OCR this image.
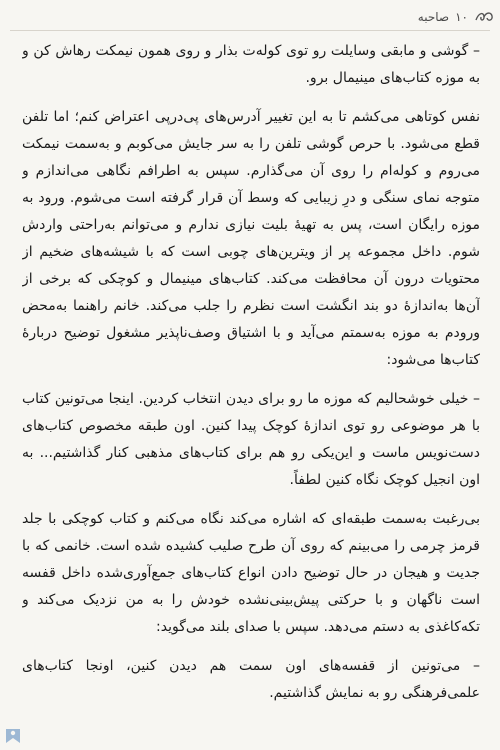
صاحبه ۱۰

– گوشی و مابقی وسایلت رو توی کوله‌ت بذار و روی همون نیمکت رهاش کن و به موزه کتاب‌های مینیمال برو.

نفس کوتاهی می‌کشم تا به این تغییر آدرس‌های پی‌درپی اعتراض کنم؛ اما تلفن قطع می‌شود. با حرص گوشی تلفن را به سر جایش می‌کوبم و به‌سمت نیمکت می‌روم و کوله‌ام را روی آن می‌گذارم. سپس به اطرافم نگاهی می‌اندازم و متوجه نمای سنگی و درِ زیبایی که وسط آن قرار گرفته است می‌شوم. ورود به موزه رایگان است، پس به تهیهٔ بلیت نیازی ندارم و می‌توانم به‌راحتی واردش شوم. داخل مجموعه پر از ویترین‌های چوبی است که با شیشه‌های ضخیم از محتویات درون آن محافظت می‌کند. کتاب‌های مینیمال و کوچکی که برخی از آن‌ها به‌اندازهٔ دو بند انگشت است نظرم را جلب می‌کند. خانم راهنما به‌محض ورودم به موزه به‌سمتم می‌آید و با اشتیاق وصف‌ناپذیر مشغول توضیح دربارهٔ کتاب‌ها می‌شود:

– خیلی خوشحالیم که موزه ما رو برای دیدن انتخاب کردین. اینجا می‌تونین کتاب با هر موضوعی رو توی اندازهٔ کوچک پیدا کنین. اون طبقه مخصوص کتاب‌های دست‌نویس ماست و این‌یکی رو هم برای کتاب‌های مذهبی کنار گذاشتیم... به اون انجیل کوچک نگاه کنین لطفاً.

بی‌رغبت به‌سمت طبقه‌ای که اشاره می‌کند نگاه می‌کنم و کتاب کوچکی با جلد قرمز چرمی را می‌بینم که روی آن طرح صلیب کشیده شده است. خانمی که با جدیت و هیجان در حال توضیح دادن انواع کتاب‌های جمع‌آوری‌شده داخل قفسه است ناگهان و با حرکتی پیش‌بینی‌نشده خودش را به من نزدیک می‌کند و تکه‌کاغذی به دستم می‌دهد. سپس با صدای بلند می‌گوید:

– می‌تونین از قفسه‌های اون سمت هم دیدن کنین، اونجا کتاب‌های علمی‌فرهنگی رو به نمایش گذاشتیم.
